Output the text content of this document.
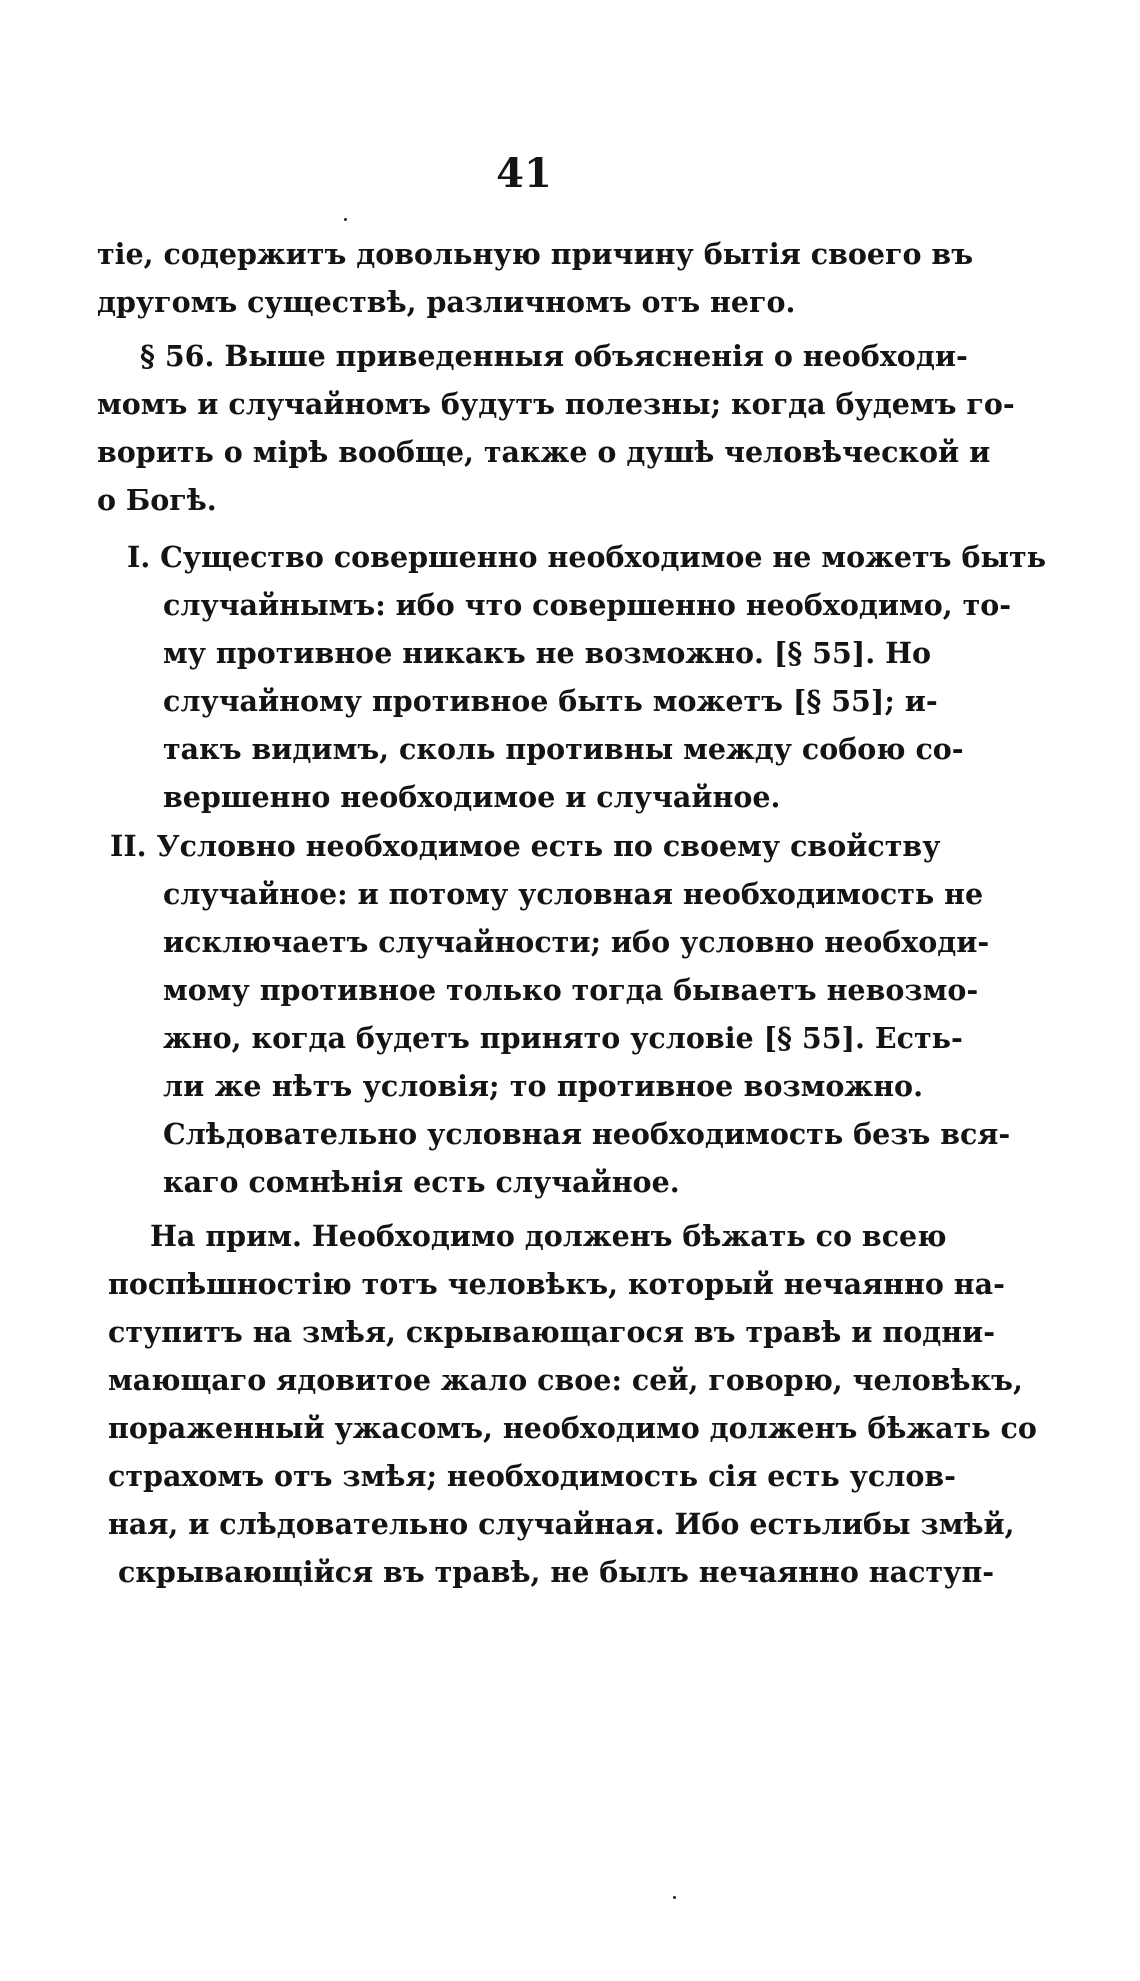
41
тіе, содержитъ довольную причину бытія своего въ
другомъ существѣ, различномъ отъ него.
§ 56. Выше приведенныя объясненія о необходи-
момъ и случайномъ будутъ полезны; когда будемъ го-
ворить о мірѣ вообще, также о душѣ человѣческой и
о Богѣ.
I. Существо совершенно необходимое не можетъ быть
случайнымъ: ибо что совершенно необходимо, то-
му противное никакъ не возможно. [§ 55]. Но
случайному противное быть можетъ [§ 55]; и-
такъ видимъ, сколь противны между собою со-
вершенно необходимое и случайное.
II. Условно необходимое есть по своему свойству
случайное: и потому условная необходимость не
исключаетъ случайности; ибо условно необходи-
мому противное только тогда бываетъ невозмо-
жно, когда будетъ принято условіе [§ 55]. Есть-
ли же нѣтъ условія; то противное возможно.
Слѣдовательно условная необходимость безъ вся-
каго сомнѣнія есть случайное.
На прим. Необходимо долженъ бѣжать со всею
поспѣшностію тотъ человѣкъ, который нечаянно на-
ступитъ на змѣя, скрывающагося въ травѣ и подни-
мающаго ядовитое жало свое: сей, говорю, человѣкъ,
пораженный ужасомъ, необходимо долженъ бѣжать со
страхомъ отъ змѣя; необходимость сія есть услов-
ная, и слѣдовательно случайная. Ибо естьлибы змѣй,
скрывающійся въ травѣ, не былъ нечаянно наступ-
